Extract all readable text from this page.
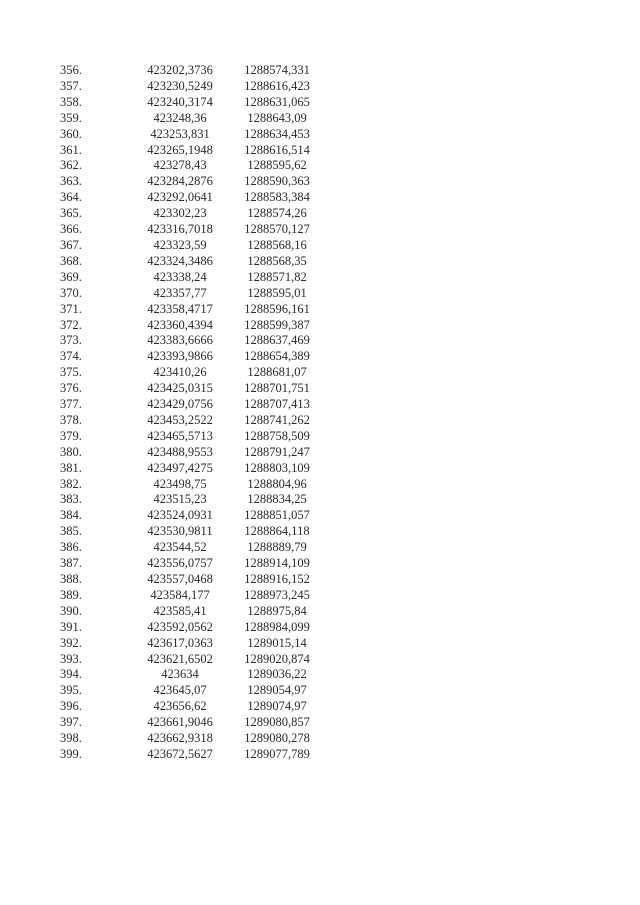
356.	423202,3736	1288574,331
357.	423230,5249	1288616,423
358.	423240,3174	1288631,065
359.	423248,36	1288643,09
360.	423253,831	1288634,453
361.	423265,1948	1288616,514
362.	423278,43	1288595,62
363.	423284,2876	1288590,363
364.	423292,0641	1288583,384
365.	423302,23	1288574,26
366.	423316,7018	1288570,127
367.	423323,59	1288568,16
368.	423324,3486	1288568,35
369.	423338,24	1288571,82
370.	423357,77	1288595,01
371.	423358,4717	1288596,161
372.	423360,4394	1288599,387
373.	423383,6666	1288637,469
374.	423393,9866	1288654,389
375.	423410,26	1288681,07
376.	423425,0315	1288701,751
377.	423429,0756	1288707,413
378.	423453,2522	1288741,262
379.	423465,5713	1288758,509
380.	423488,9553	1288791,247
381.	423497,4275	1288803,109
382.	423498,75	1288804,96
383.	423515,23	1288834,25
384.	423524,0931	1288851,057
385.	423530,9811	1288864,118
386.	423544,52	1288889,79
387.	423556,0757	1288914,109
388.	423557,0468	1288916,152
389.	423584,177	1288973,245
390.	423585,41	1288975,84
391.	423592,0562	1288984,099
392.	423617,0363	1289015,14
393.	423621,6502	1289020,874
394.	423634	1289036,22
395.	423645,07	1289054,97
396.	423656,62	1289074,97
397.	423661,9046	1289080,857
398.	423662,9318	1289080,278
399.	423672,5627	1289077,789
